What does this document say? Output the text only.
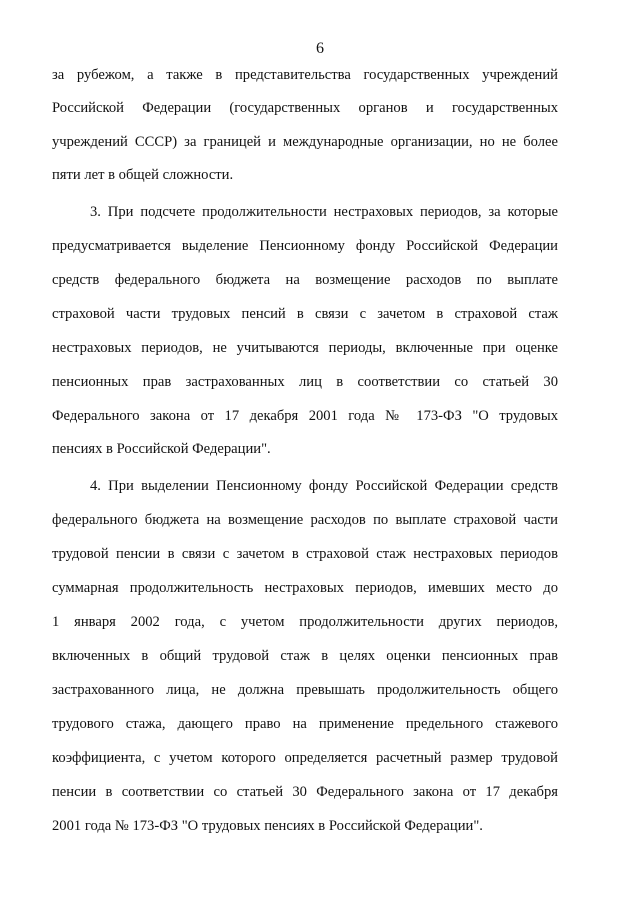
6
за рубежом, а также в представительства государственных учреждений
Российской Федерации (государственных органов и государственных
учреждений СССР) за границей и международные организации, но не более
пяти лет в общей сложности.
3. При подсчете продолжительности нестраховых периодов, за которые
предусматривается выделение Пенсионному фонду Российской Федерации
средств федерального бюджета на возмещение расходов по выплате
страховой части трудовых пенсий в связи с зачетом в страховой стаж
нестраховых периодов, не учитываются периоды, включенные при оценке
пенсионных прав застрахованных лиц в соответствии со статьей 30
Федерального закона от 17 декабря 2001 года № 173-ФЗ "О трудовых
пенсиях в Российской Федерации".
4. При выделении Пенсионному фонду Российской Федерации средств
федерального бюджета на возмещение расходов по выплате страховой части
трудовой пенсии в связи с зачетом в страховой стаж нестраховых периодов
суммарная продолжительность нестраховых периодов, имевших место до
1 января 2002 года, с учетом продолжительности других периодов,
включенных в общий трудовой стаж в целях оценки пенсионных прав
застрахованного лица, не должна превышать продолжительность общего
трудового стажа, дающего право на применение предельного стажевого
коэффициента, с учетом которого определяется расчетный размер трудовой
пенсии в соответствии со статьей 30 Федерального закона от 17 декабря
2001 года № 173-ФЗ "О трудовых пенсиях в Российской Федерации".
